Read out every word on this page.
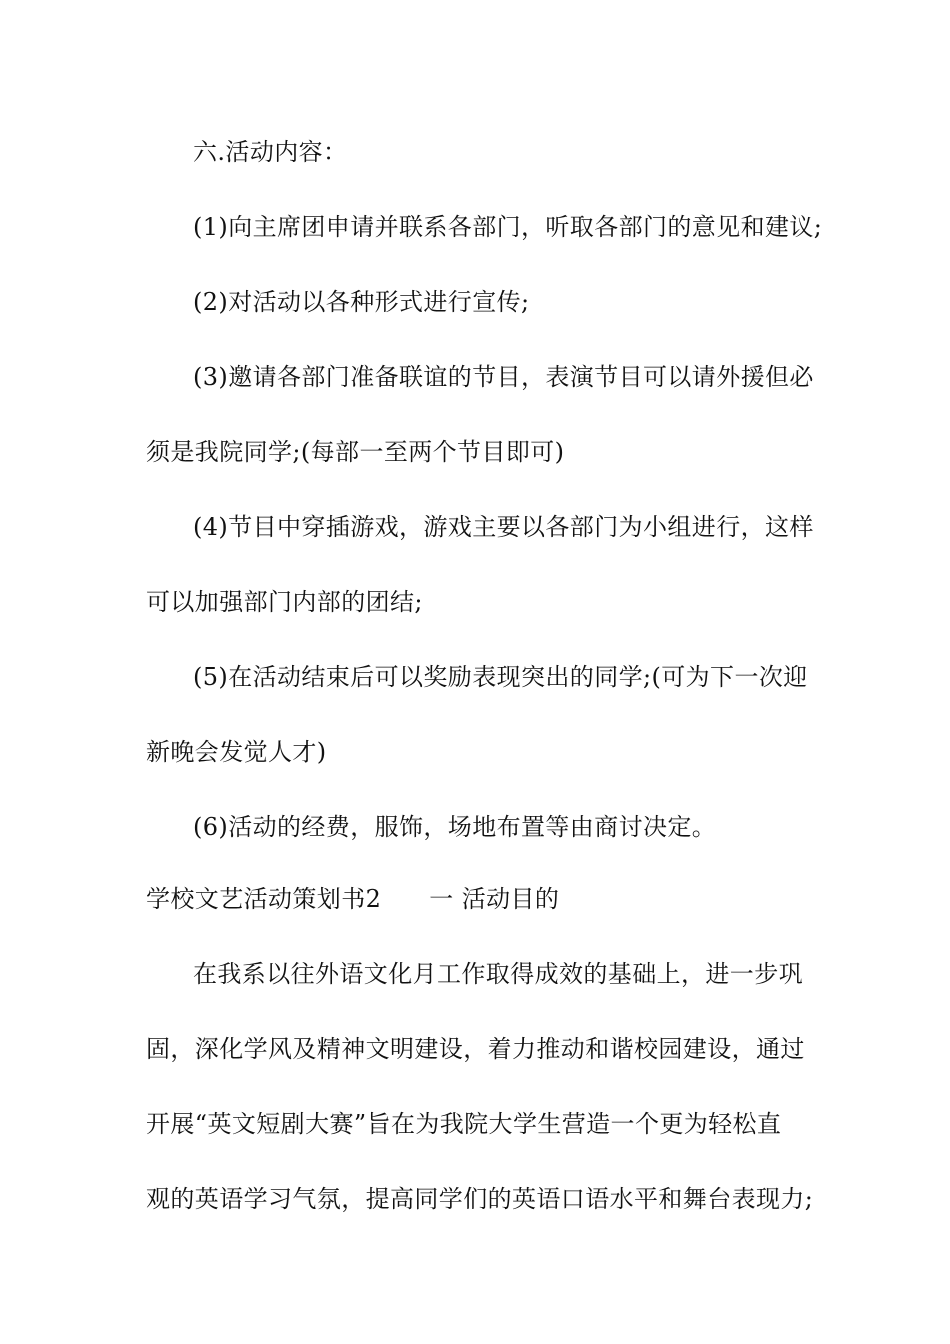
六.活动内容：
(1)向主席团申请并联系各部门，听取各部门的意见和建议;
(2)对活动以各种形式进行宣传;
(3)邀请各部门准备联谊的节目，表演节目可以请外援但必
须是我院同学;(每部一至两个节目即可)
(4)节目中穿插游戏，游戏主要以各部门为小组进行，这样
可以加强部门内部的团结;
(5)在活动结束后可以奖励表现突出的同学;(可为下一次迎
新晚会发觉人才)
(6)活动的经费，服饰，场地布置等由商讨决定。
学校文艺活动策划书2 一 活动目的
在我系以往外语文化月工作取得成效的基础上，进一步巩
固，深化学风及精神文明建设，着力推动和谐校园建设，通过
开展“英文短剧大赛”旨在为我院大学生营造一个更为轻松直
观的英语学习气氛，提高同学们的英语口语水平和舞台表现力;
